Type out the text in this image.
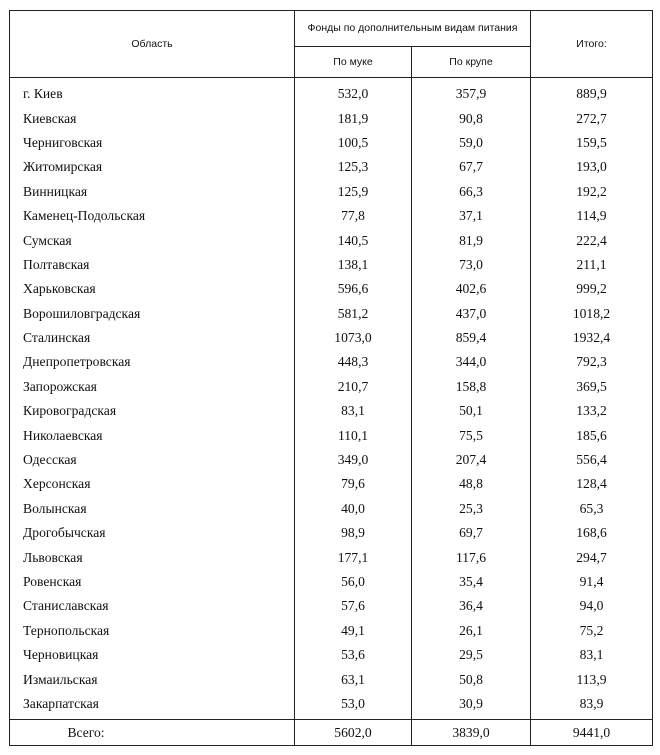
Область	Фонды по дополнительным видам питания		Итого:
	По муке	По крупе	
г. Киев	532,0	357,9	889,9
Киевская	181,9	90,8	272,7
Черниговская	100,5	59,0	159,5
Житомирская	125,3	67,7	193,0
Винницкая	125,9	66,3	192,2
Каменец-Подольская	77,8	37,1	114,9
Сумская	140,5	81,9	222,4
Полтавская	138,1	73,0	211,1
Харьковская	596,6	402,6	999,2
Ворошиловградская	581,2	437,0	1018,2
Сталинская	1073,0	859,4	1932,4
Днепропетровская	448,3	344,0	792,3
Запорожская	210,7	158,8	369,5
Кировоградская	83,1	50,1	133,2
Николаевская	110,1	75,5	185,6
Одесская	349,0	207,4	556,4
Херсонская	79,6	48,8	128,4
Волынская	40,0	25,3	65,3
Дрогобычская	98,9	69,7	168,6
Львовская	177,1	117,6	294,7
Ровенская	56,0	35,4	91,4
Станиславская	57,6	36,4	94,0
Тернопольская	49,1	26,1	75,2
Черновицкая	53,6	29,5	83,1
Измаильская	63,1	50,8	113,9
Закарпатская	53,0	30,9	83,9
Всего:	5602,0	3839,0	9441,0
